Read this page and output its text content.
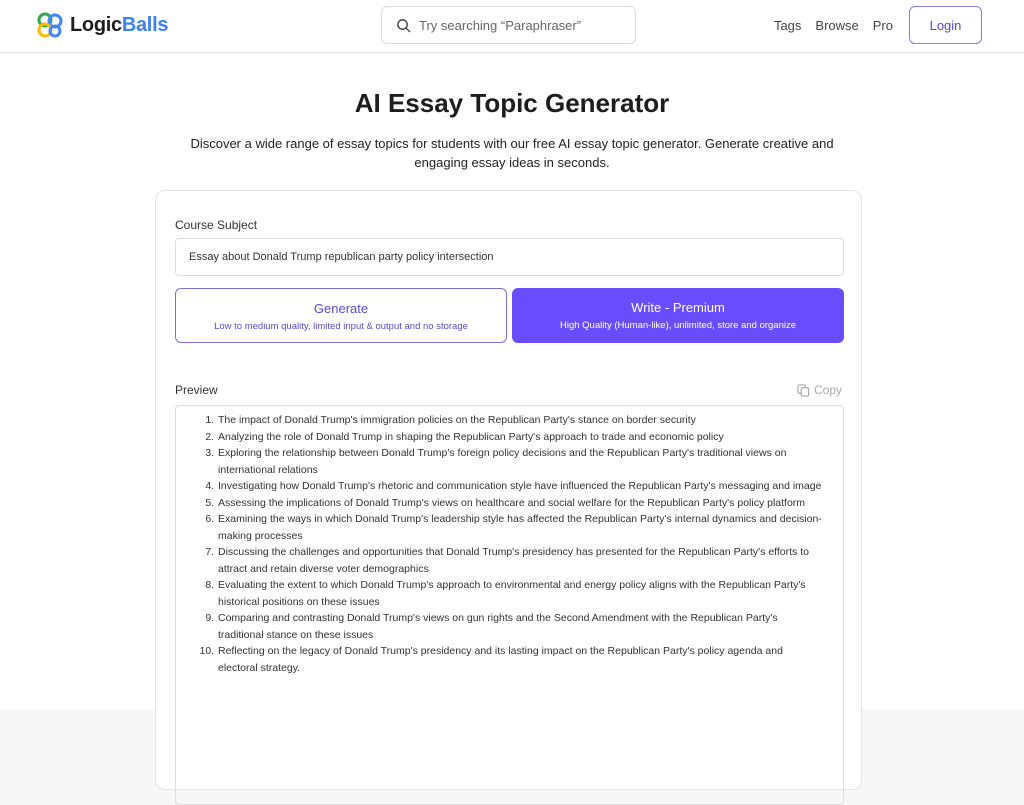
LogicBalls	Try searching “Paraphraser”	Tags Browse Pro	Login
AI Essay Topic Generator

Discover a wide range of essay topics for students with our free AI essay topic generator. Generate creative and engaging essay ideas in seconds.

Course Subject
Essay about Donald Trump republican party policy intersection
Generate
Low to medium quality, limited input & output and no storage
Write - Premium
High Quality (Human-like), unlimited, store and organize
Preview	Copy
1. The impact of Donald Trump's immigration policies on the Republican Party's stance on border security
2. Analyzing the role of Donald Trump in shaping the Republican Party's approach to trade and economic policy
3. Exploring the relationship between Donald Trump's foreign policy decisions and the Republican Party's traditional views on international relations
4. Investigating how Donald Trump's rhetoric and communication style have influenced the Republican Party's messaging and image
5. Assessing the implications of Donald Trump's views on healthcare and social welfare for the Republican Party's policy platform
6. Examining the ways in which Donald Trump's leadership style has affected the Republican Party's internal dynamics and decision-making processes
7. Discussing the challenges and opportunities that Donald Trump's presidency has presented for the Republican Party's efforts to attract and retain diverse voter demographics
8. Evaluating the extent to which Donald Trump's approach to environmental and energy policy aligns with the Republican Party's historical positions on these issues
9. Comparing and contrasting Donald Trump's views on gun rights and the Second Amendment with the Republican Party's traditional stance on these issues
10. Reflecting on the legacy of Donald Trump's presidency and its lasting impact on the Republican Party's policy agenda and electoral strategy.
